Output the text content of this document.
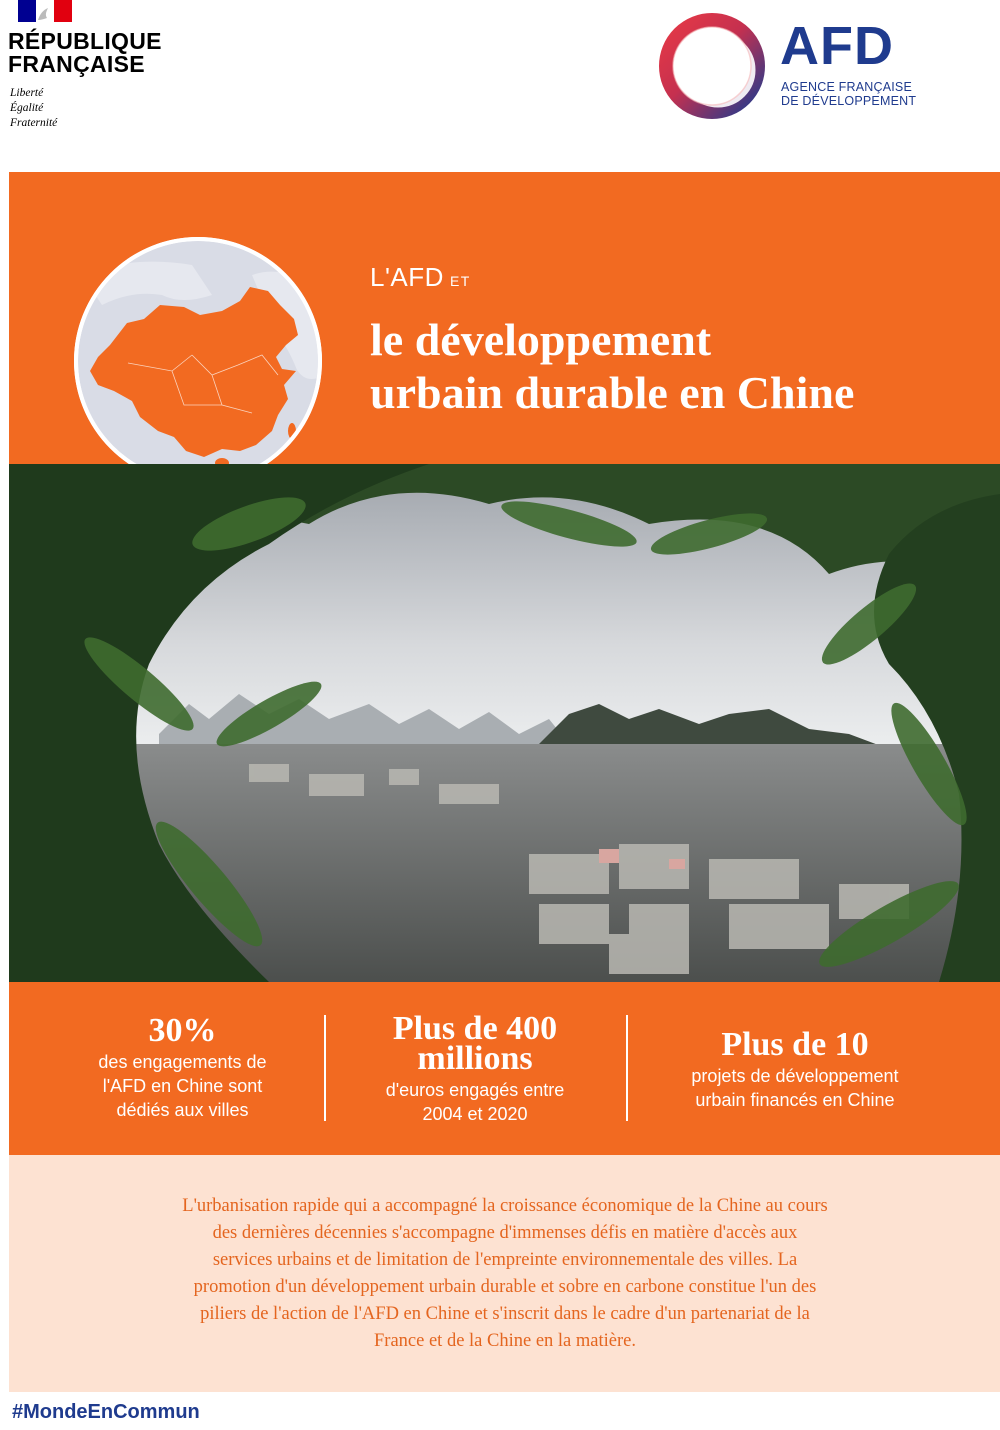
RÉPUBLIQUE
FRANÇAISE
Liberté
Égalité
Fraternité
AFD
AGENCE FRANÇAISE
DE DÉVELOPPEMENT
L'AFD ET
le développement
urbain durable en Chine
30%
des engagements de
l'AFD en Chine sont
dédiés aux villes
Plus de 400
millions
d'euros engagés entre
2004 et 2020
Plus de 10
projets de développement
urbain financés en Chine
L'urbanisation rapide qui a accompagné la croissance économique de la Chine au cours
des dernières décennies s'accompagne d'immenses défis en matière d'accès aux
services urbains et de limitation de l'empreinte environnementale des villes. La
promotion d'un développement urbain durable et sobre en carbone constitue l'un des
piliers de l'action de l'AFD en Chine et s'inscrit dans le cadre d'un partenariat de la
France et de la Chine en la matière.
#MondeEnCommun
